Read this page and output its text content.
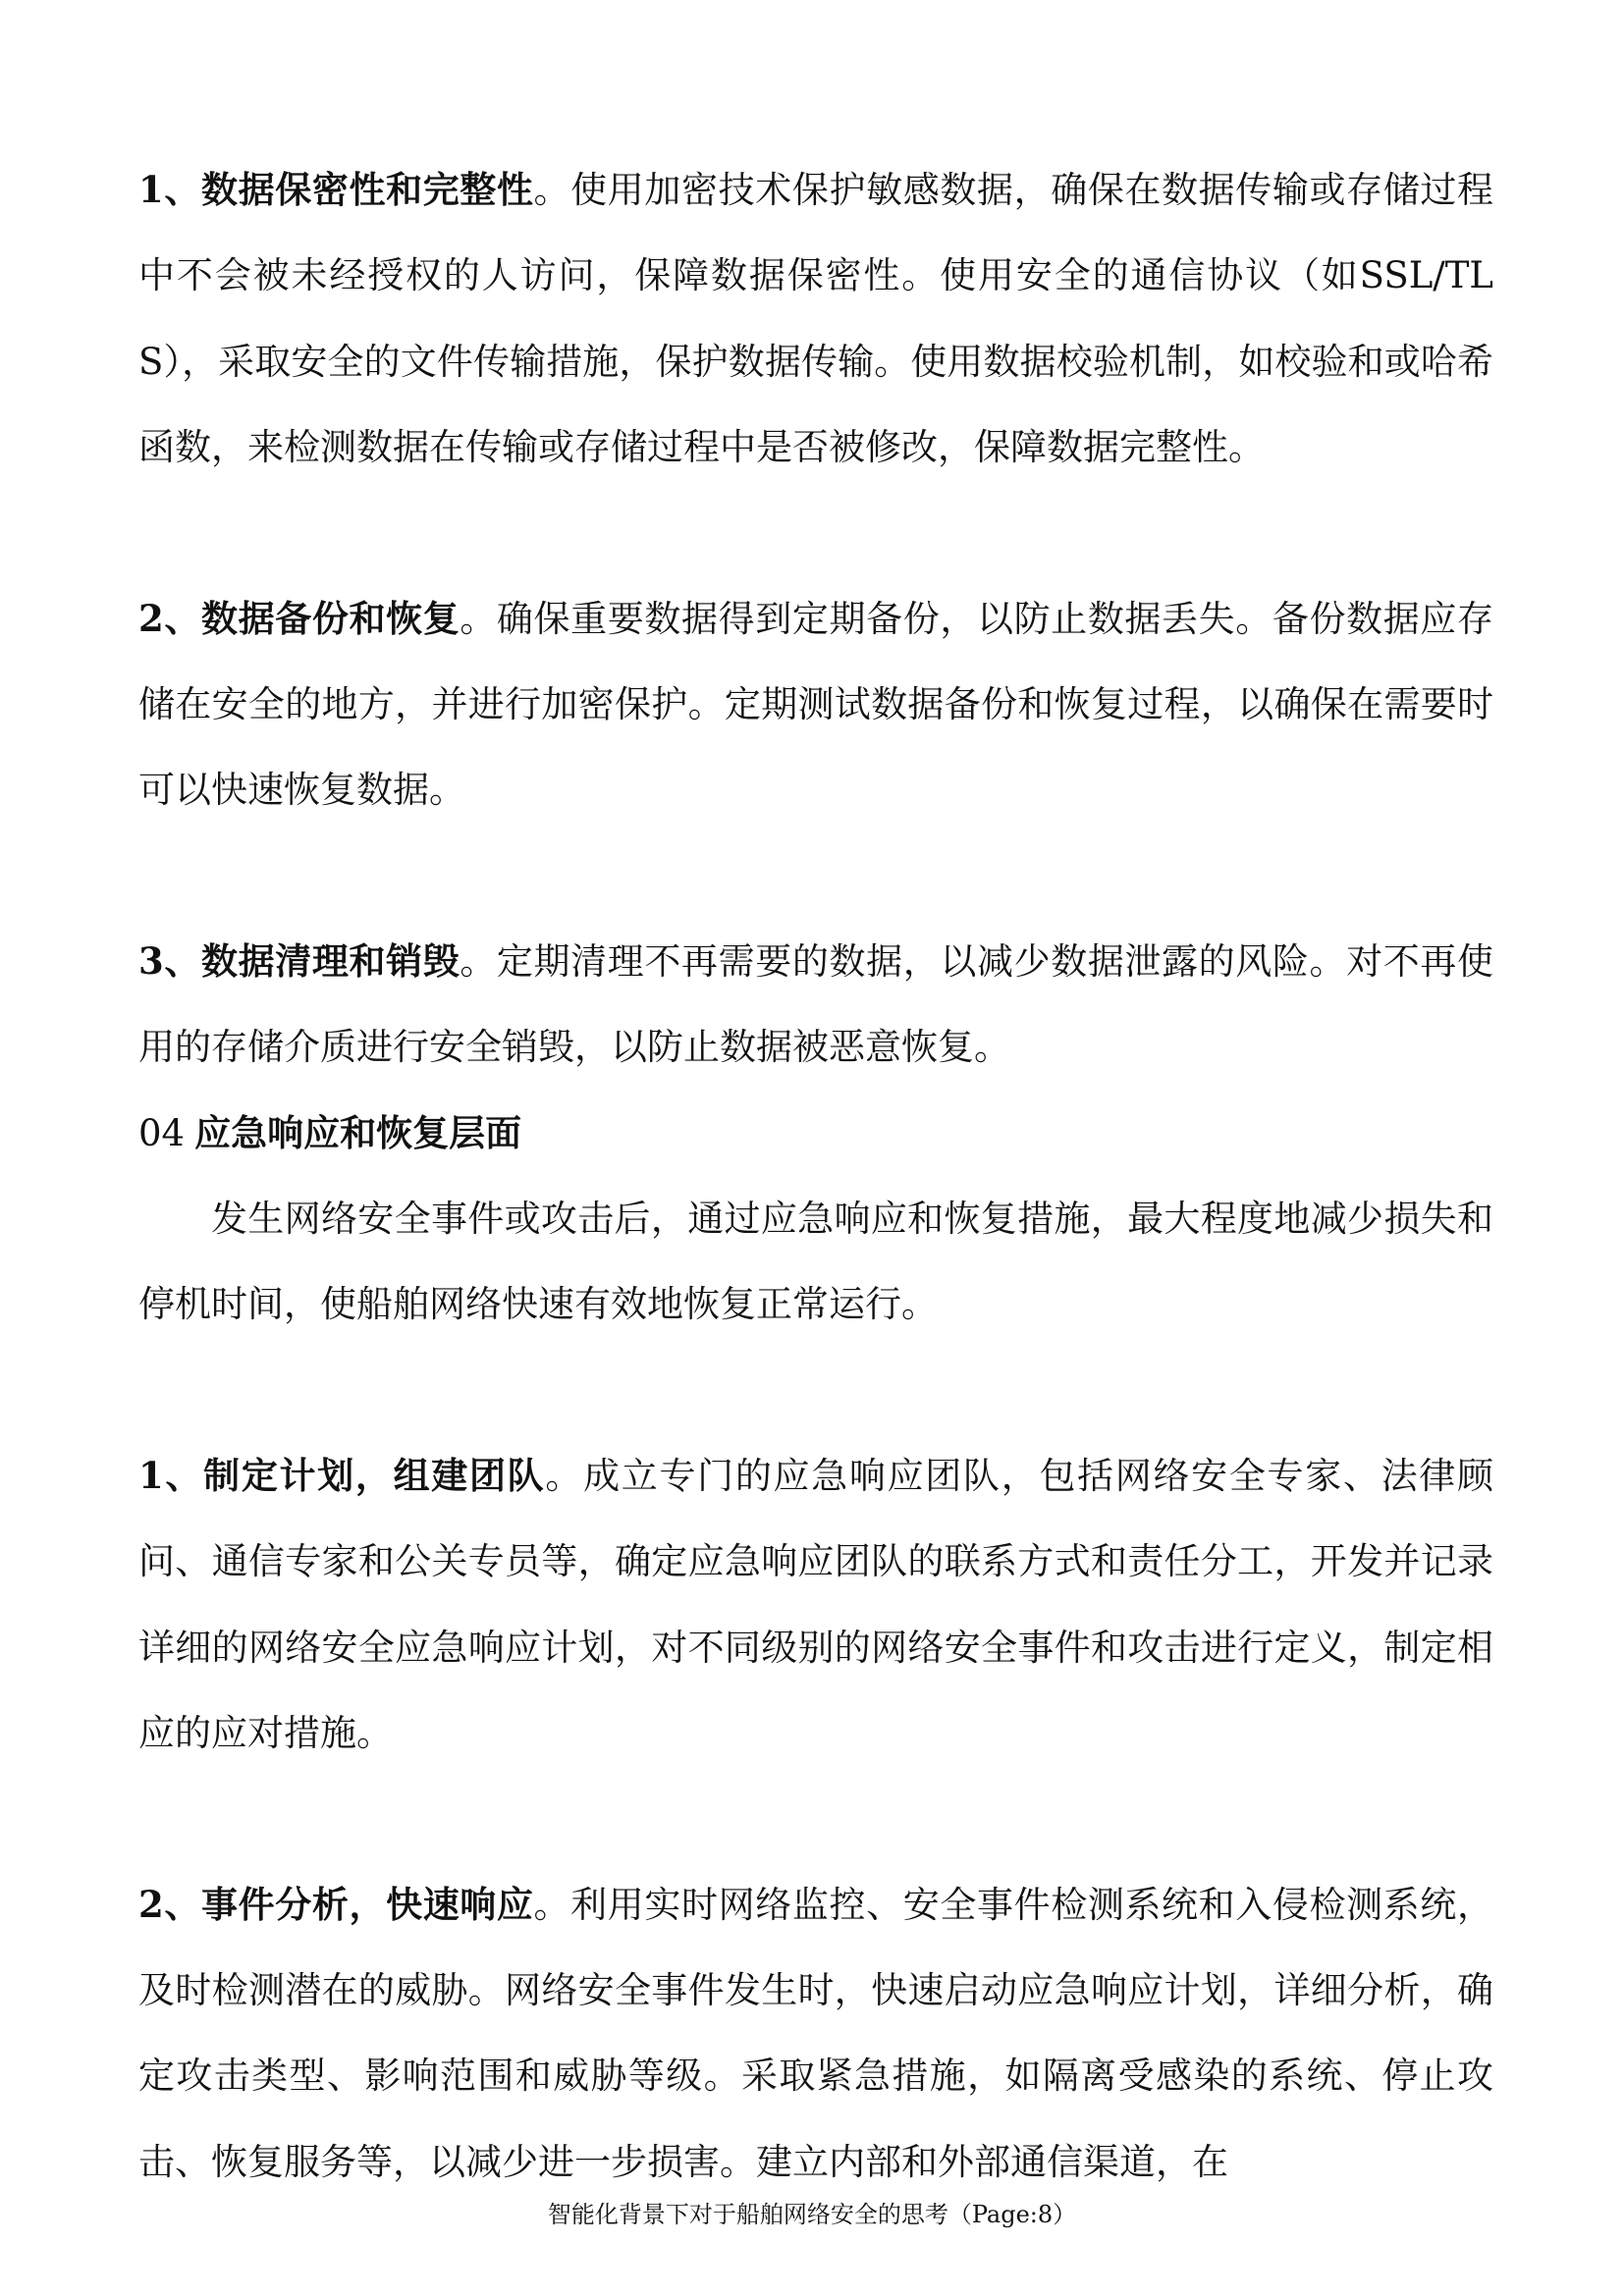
1、数据保密性和完整性。使用加密技术保护敏感数据，确保在数据传输或存储过程中不会被未经授权的人访问，保障数据保密性。使用安全的通信协议（如SSL/TLS），采取安全的文件传输措施，保护数据传输。使用数据校验机制，如校验和或哈希函数，来检测数据在传输或存储过程中是否被修改，保障数据完整性。

2、数据备份和恢复。确保重要数据得到定期备份，以防止数据丢失。备份数据应存储在安全的地方，并进行加密保护。定期测试数据备份和恢复过程，以确保在需要时可以快速恢复数据。

3、数据清理和销毁。定期清理不再需要的数据，以减少数据泄露的风险。对不再使用的存储介质进行安全销毁，以防止数据被恶意恢复。

04 应急响应和恢复层面

发生网络安全事件或攻击后，通过应急响应和恢复措施，最大程度地减少损失和停机时间，使船舶网络快速有效地恢复正常运行。

1、制定计划，组建团队。成立专门的应急响应团队，包括网络安全专家、法律顾问、通信专家和公关专员等，确定应急响应团队的联系方式和责任分工，开发并记录详细的网络安全应急响应计划，对不同级别的网络安全事件和攻击进行定义，制定相应的应对措施。

2、事件分析，快速响应。利用实时网络监控、安全事件检测系统和入侵检测系统，及时检测潜在的威胁。网络安全事件发生时，快速启动应急响应计划，详细分析，确定攻击类型、影响范围和威胁等级。采取紧急措施，如隔离受感染的系统、停止攻击、恢复服务等，以减少进一步损害。建立内部和外部通信渠道，在

智能化背景下对于船舶网络安全的思考（Page:8）
